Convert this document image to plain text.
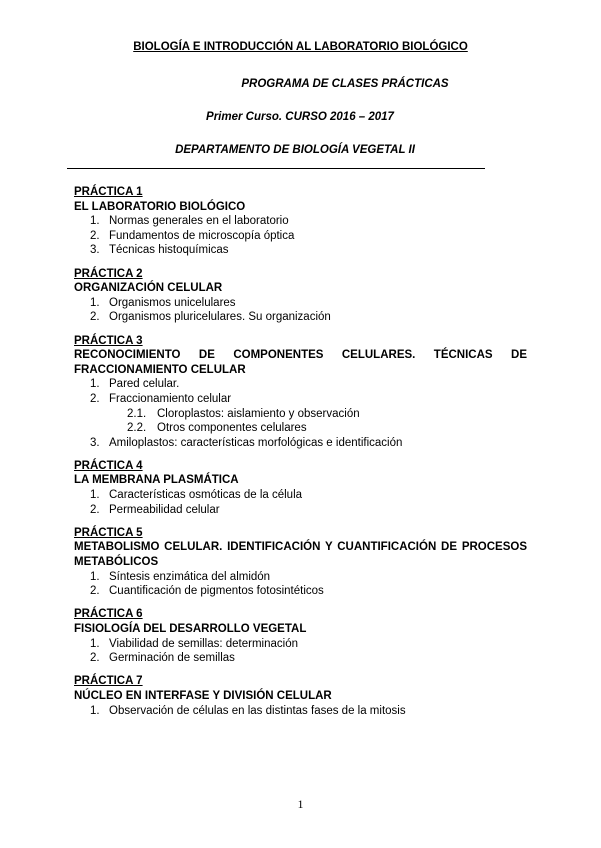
BIOLOGÍA E INTRODUCCIÓN AL LABORATORIO BIOLÓGICO
PROGRAMA DE CLASES PRÁCTICAS
Primer Curso. CURSO 2016 – 2017
DEPARTAMENTO DE BIOLOGÍA VEGETAL II
PRÁCTICA 1
EL LABORATORIO BIOLÓGICO
1. Normas generales en el laboratorio
2. Fundamentos de microscopía óptica
3. Técnicas histoquímicas
PRÁCTICA 2
ORGANIZACIÓN CELULAR
1. Organismos unicelulares
2. Organismos pluricelulares. Su organización
PRÁCTICA 3
RECONOCIMIENTO DE COMPONENTES CELULARES. TÉCNICAS DE FRACCIONAMIENTO CELULAR
1. Pared celular.
2. Fraccionamiento celular
2.1. Cloroplastos: aislamiento y observación
2.2. Otros componentes celulares
3. Amiloplastos: características morfológicas e identificación
PRÁCTICA 4
LA MEMBRANA PLASMÁTICA
1. Características osmóticas de la célula
2. Permeabilidad celular
PRÁCTICA 5
METABOLISMO CELULAR. IDENTIFICACIÓN Y CUANTIFICACIÓN DE PROCESOS METABÓLICOS
1. Síntesis enzimática del almidón
2. Cuantificación de pigmentos fotosintéticos
PRÁCTICA 6
FISIOLOGÍA DEL DESARROLLO VEGETAL
1. Viabilidad de semillas: determinación
2. Germinación de semillas
PRÁCTICA 7
NÚCLEO EN INTERFASE Y DIVISIÓN CELULAR
1. Observación de células en las distintas fases de la mitosis
1
